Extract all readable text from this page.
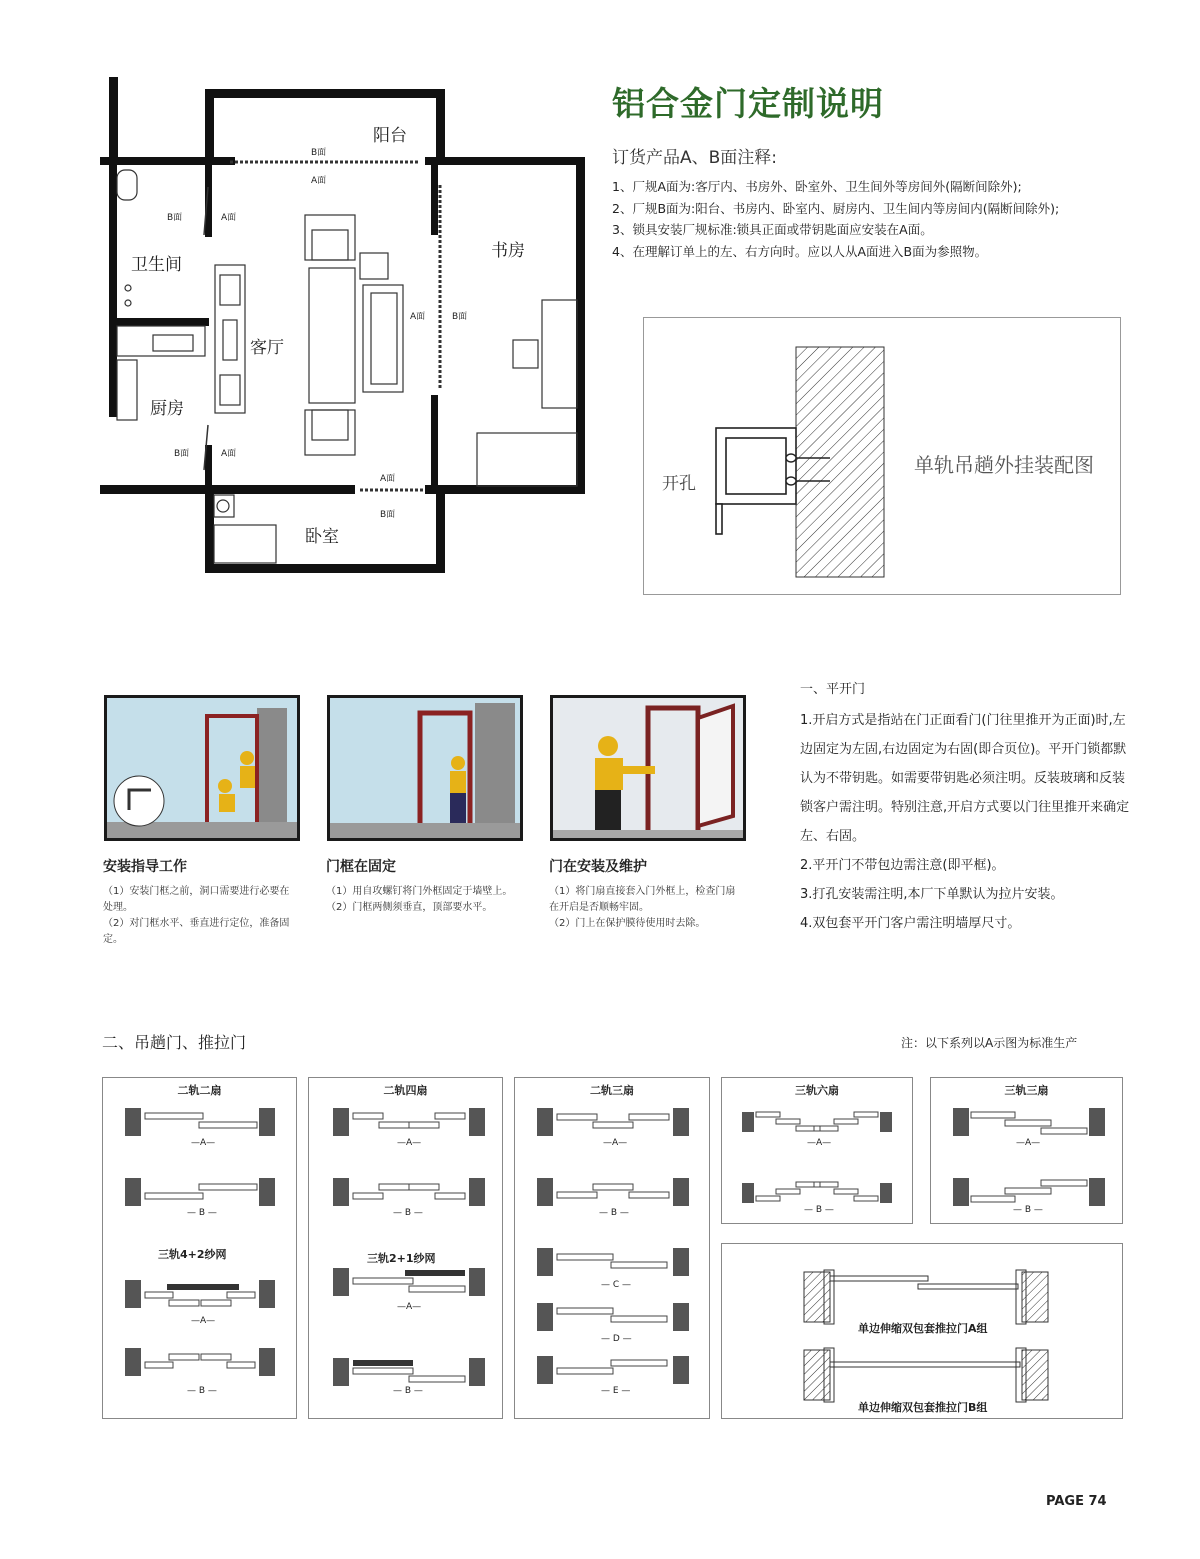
阳台
卫生间
客厅
书房
厨房
卧室
B面
A面
B面	A面
A面	B面
B面	A面
A面
B面
铝合金门定制说明
订货产品A、B面注释:
1、厂规A面为:客厅内、书房外、卧室外、卫生间外等房间外(隔断间除外);
2、厂规B面为:阳台、书房内、卧室内、厨房内、卫生间内等房间内(隔断间除外);
3、锁具安装厂规标准:锁具正面或带钥匙面应安装在A面。
4、在理解订单上的左、右方向时。应以人从A面进入B面为参照物。
开孔
单轨吊趟外挂装配图
安装指导工作
（1）安装门框之前，洞口需要进行必要在处理。
（2）对门框水平、垂直进行定位，准备固定。
门框在固定
（1）用自攻螺钉将门外框固定于墙壁上。
（2）门框两侧须垂直，顶部要水平。
门在安装及维护
（1）将门扇直接套入门外框上，检查门扇在开启是否顺畅牢固。
（2）门上在保护膜待使用时去除。
一、平开门
1.开启方式是指站在门正面看门(门往里推开为正面)时,左边固定为左固,右边固定为右固(即合页位)。平开门锁都默认为不带钥匙。如需要带钥匙必须注明。反装玻璃和反装锁客户需注明。特别注意,开启方式要以门往里推开来确定左、右固。
2.平开门不带包边需注意(即平框)。
3.打孔安装需注明,本厂下单默认为拉片安装。
4.双包套平开门客户需注明墙厚尺寸。
二、吊趟门、推拉门	注：以下系列以A示图为标准生产
二轨二扇
—A—
— B —
三轨4+2纱网
—A—
— B —
二轨四扇
—A—
— B —
三轨2+1纱网
—A—
— B —
二轨三扇
—A—
— B —
— C —
— D —
— E —
三轨六扇
—A—
— B —
三轨三扇
—A—
— B —
单边伸缩双包套推拉门A组
单边伸缩双包套推拉门B组
PAGE 74
